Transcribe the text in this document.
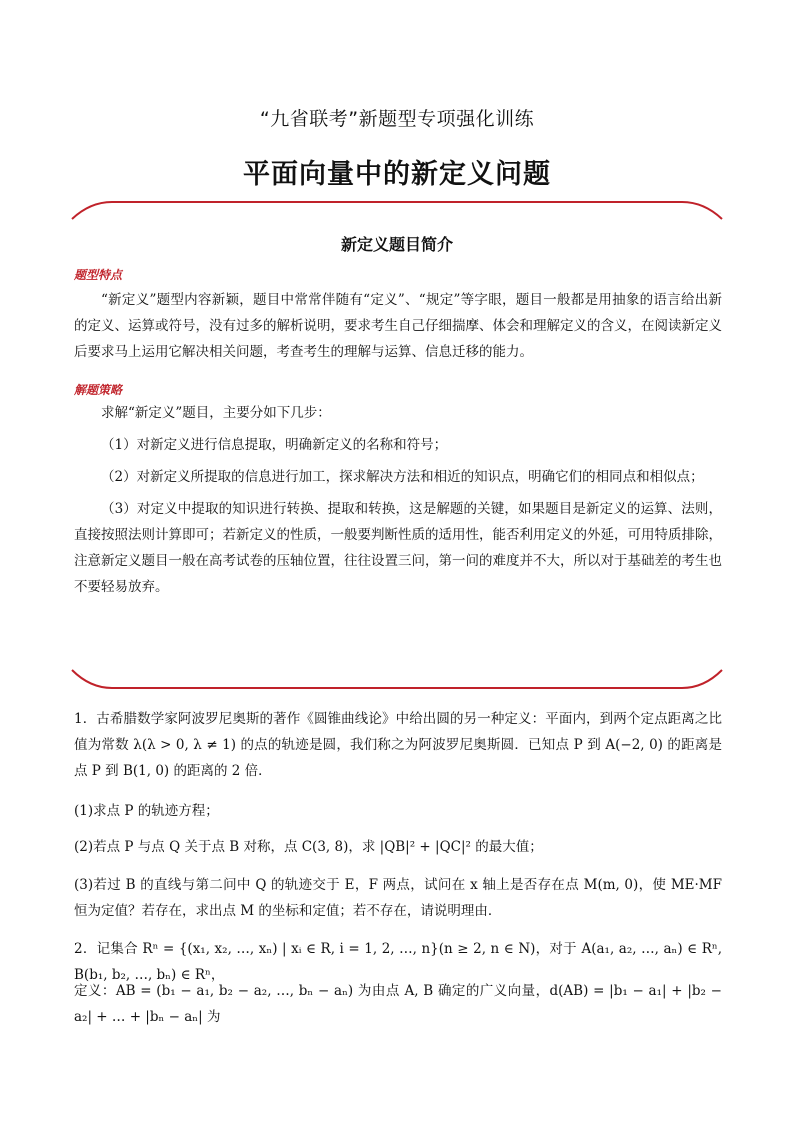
“九省联考”新题型专项强化训练
平面向量中的新定义问题
新定义题目简介
题型特点

“新定义”题型内容新颖，题目中常常伴随有“定义”、“规定”等字眼，题目一般都是用抽象的语言给出新的定义、运算或符号，没有过多的解析说明，要求考生自己仔细揣摩、体会和理解定义的含义，在阅读新定义后要求马上运用它解决相关问题，考查考生的理解与运算、信息迁移的能力。

解题策略

求解“新定义”题目，主要分如下几步：

（1）对新定义进行信息提取，明确新定义的名称和符号；

（2）对新定义所提取的信息进行加工，探求解决方法和相近的知识点，明确它们的相同点和相似点；

（3）对定义中提取的知识进行转换、提取和转换，这是解题的关键，如果题目是新定义的运算、法则，直接按照法则计算即可；若新定义的性质，一般要判断性质的适用性，能否利用定义的外延，可用特质排除，注意新定义题目一般在高考试卷的压轴位置，往往设置三问，第一问的难度并不大，所以对于基础差的考生也不要轻易放弃。

1．古希腊数学家阿波罗尼奥斯的著作《圆锥曲线论》中给出圆的另一种定义：平面内，到两个定点距离之比值为常数 λ(λ > 0, λ ≠ 1) 的点的轨迹是圆，我们称之为阿波罗尼奥斯圆．已知点 P 到 A(−2, 0) 的距离是点 P 到 B(1, 0) 的距离的 2 倍．

(1)求点 P 的轨迹方程；

(2)若点 P 与点 Q 关于点 B 对称，点 C(3, 8)，求 |QB|² + |QC|² 的最大值；

(3)若过 B 的直线与第二问中 Q 的轨迹交于 E，F 两点，试问在 x 轴上是否存在点 M(m, 0)，使 ME·MF 恒为定值？若存在，求出点 M 的坐标和定值；若不存在，请说明理由．

2．记集合 Rⁿ = {(x₁, x₂, …, xₙ) | xᵢ ∈ R, i = 1, 2, …, n}(n ≥ 2, n ∈ N)，对于 A(a₁, a₂, …, aₙ) ∈ Rⁿ, B(b₁, b₂, …, bₙ) ∈ Rⁿ，

定义：AB = (b₁ − a₁, b₂ − a₂, …, bₙ − aₙ) 为由点 A, B 确定的广义向量，d(AB) = |b₁ − a₁| + |b₂ − a₂| + … + |bₙ − aₙ| 为
